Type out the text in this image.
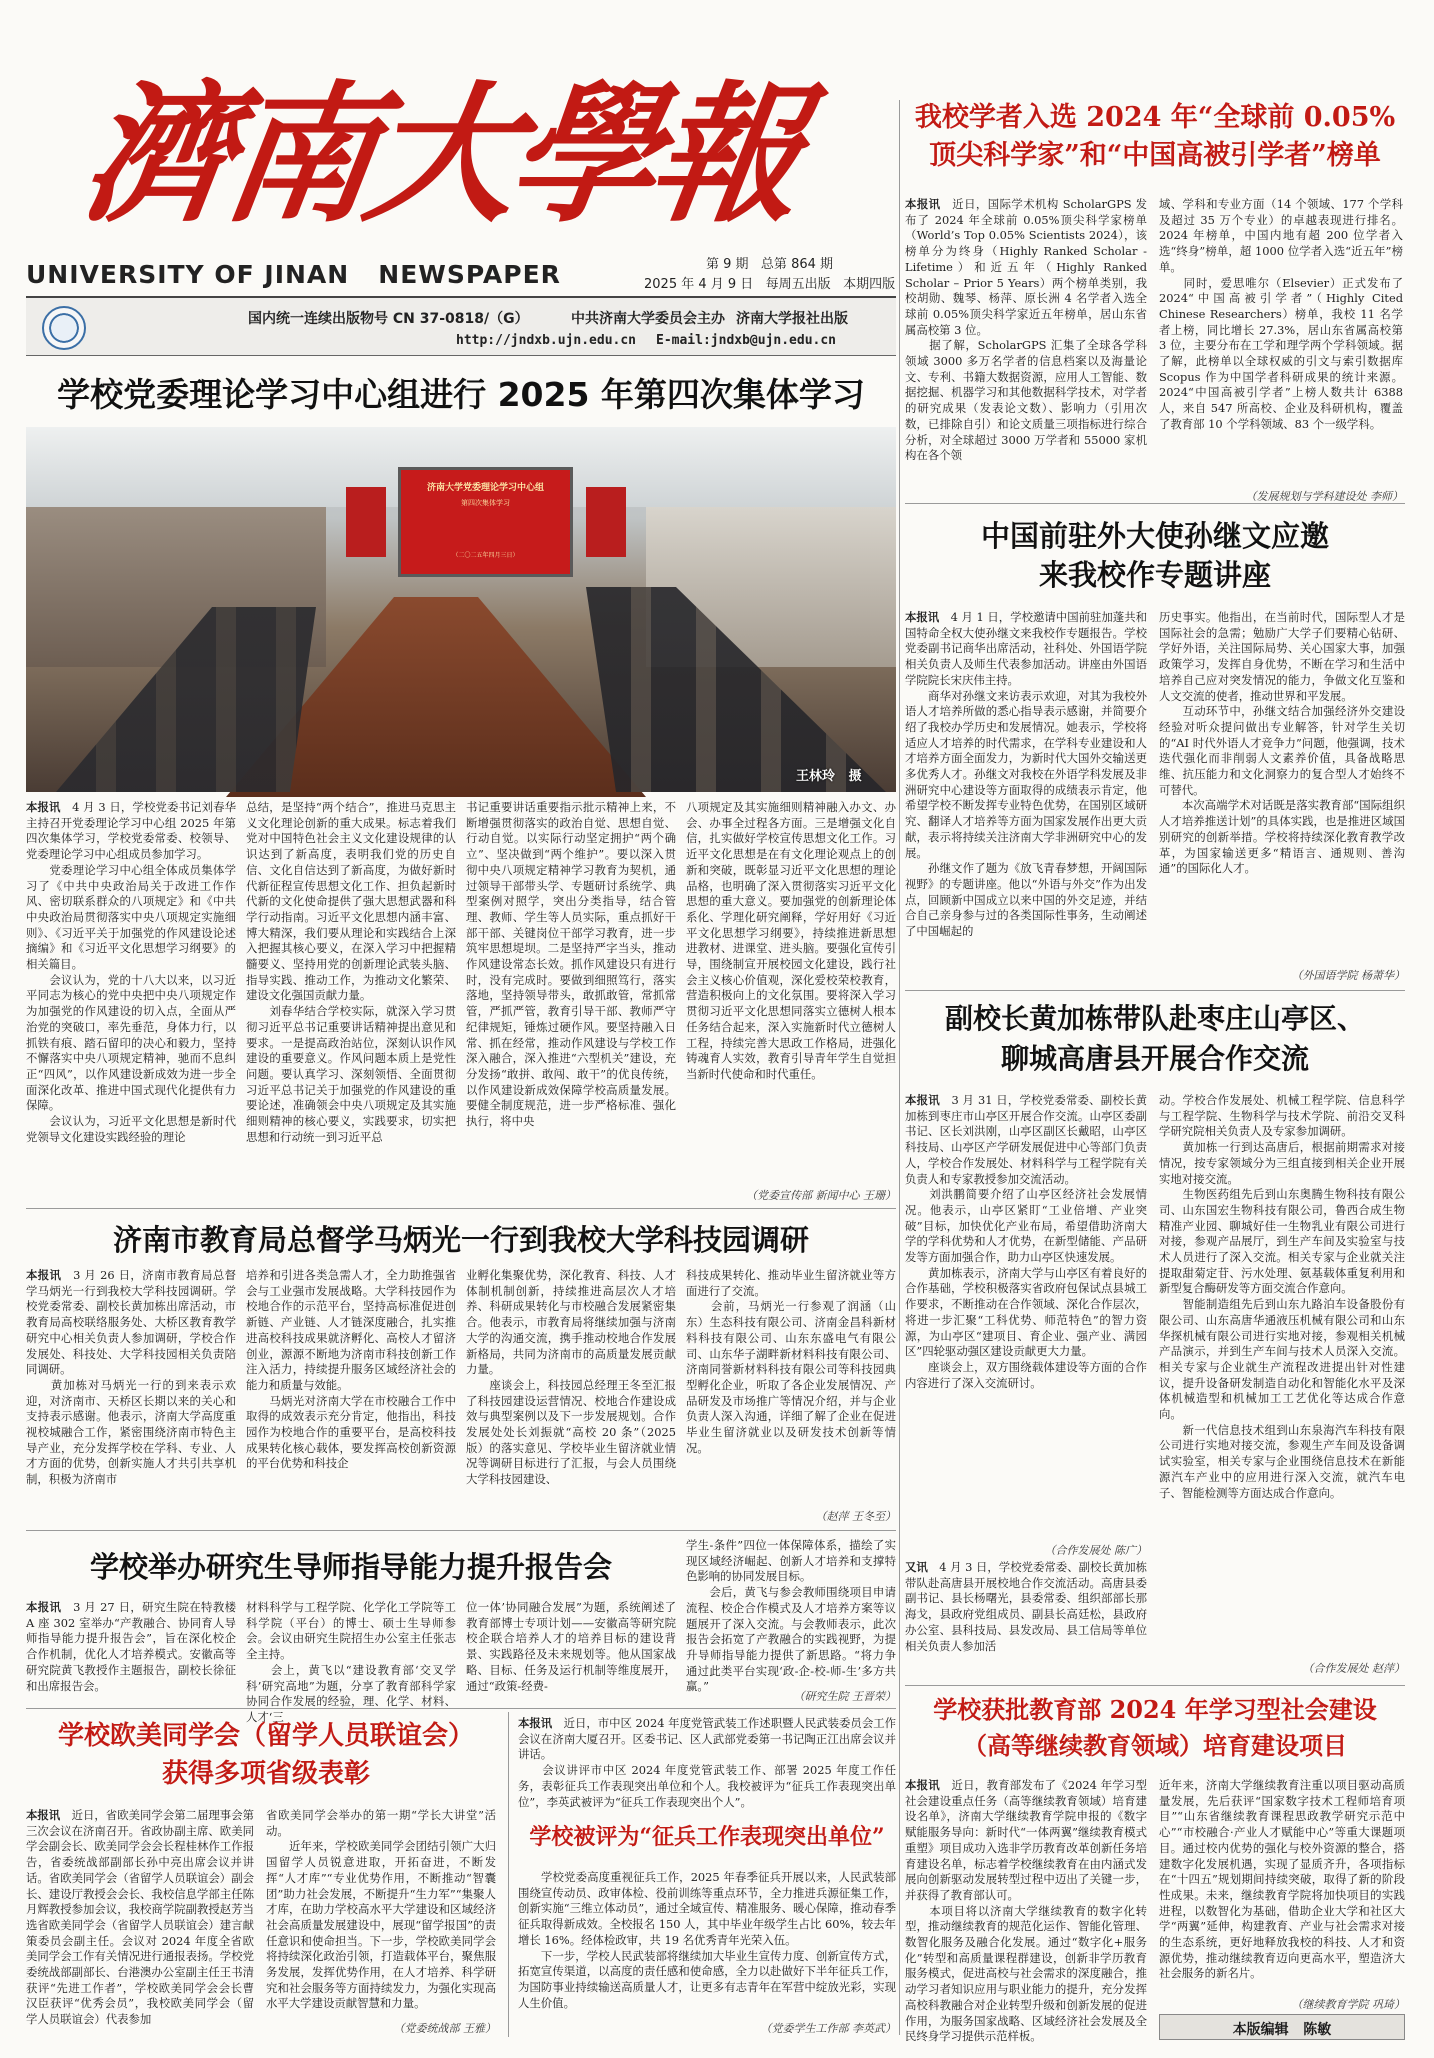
濟南大學報
UNIVERSITY OF JINAN   NEWSPAPER	第 9 期   总第 864 期
2025 年 4 月 9 日   每周五出版   本期四版
国内统一连续出版物号 CN 37-0818/（G）	中共济南大学委员会主办 济南大学报社出版
http://jndxb.ujn.edu.cn E-mail:jndxb@ujn.edu.cn
我校学者入选 2024 年“全球前 0.05%
顶尖科学家”和“中国高被引学者”榜单
本报讯　 近日，国际学术机构 ScholarGPS 发布了 2024 年全球前 0.05%顶尖科学家榜单（World’s Top 0.05% Scientists 2024），该榜单分为终身（Highly Ranked Scholar - Lifetime）和近五年（Highly Ranked Scholar – Prior 5 Years）两个榜单类别，我校胡勋、魏琴、杨萍、原长洲 4 名学者入选全球前 0.05%顶尖科学家近五年榜单，居山东省属高校第 3 位。
　　据了解，ScholarGPS 汇集了全球各学科领域 3000 多万名学者的信息档案以及海量论文、专利、书籍大数据资源，应用人工智能、数据挖掘、机器学习和其他数据科学技术，对学者的研究成果（发表论文数）、影响力（引用次数，已排除自引）和论文质量三项指标进行综合分析，对全球超过 3000 万学者和 55000 家机构在各个领
域、学科和专业方面（14 个领域、177 个学科及超过 35 万个专业）的卓越表现进行排名。2024 年榜单，中国内地有超 200 位学者入选“终身”榜单，超 1000 位学者入选“近五年”榜单。
　　同时，爱思唯尔（Elsevier）正式发布了 2024“中国高被引学者”（Highly Cited Chinese Researchers）榜单，我校 11 名学者上榜，同比增长 27.3%，居山东省属高校第 3 位，主要分布在工学和理学两个学科领域。据了解，此榜单以全球权威的引文与索引数据库 Scopus 作为中国学者科研成果的统计来源。2024“中国高被引学者”上榜人数共计 6388 人，来自 547 所高校、企业及科研机构，覆盖了教育部 10 个学科领域、83 个一级学科。
（发展规划与学科建设处 李师）
学校党委理论学习中心组进行 2025 年第四次集体学习
济南大学党委理论学习中心组
第四次集体学习
（二〇二五年四月三日）
王林玲   摄
中国前驻外大使孙继文应邀
来我校作专题讲座
本报讯　 4 月 1 日，学校邀请中国前驻加蓬共和国特命全权大使孙继文来我校作专题报告。学校党委副书记商华出席活动，社科处、外国语学院相关负责人及师生代表参加活动。讲座由外国语学院院长宋庆伟主持。
　　商华对孙继文来访表示欢迎，对其为我校外语人才培养所做的悉心指导表示感谢，并简要介绍了我校办学历史和发展情况。她表示，学校将适应人才培养的时代需求，在学科专业建设和人才培养方面全面发力，为新时代大国外交输送更多优秀人才。孙继文对我校在外语学科发展及非洲研究中心建设等方面取得的成绩表示肯定，他希望学校不断发挥专业特色优势，在国别区域研究、翻译人才培养等方面为国家发展作出更大贡献，表示将持续关注济南大学非洲研究中心的发展。
　　孙继文作了题为《放飞青春梦想，开阔国际视野》的专题讲座。他以“外语与外交”作为出发点，回顾新中国成立以来中国的外交足迹，并结合自己亲身参与过的各类国际性事务，生动阐述了中国崛起的
历史事实。他指出，在当前时代，国际型人才是国际社会的急需；勉励广大学子们要精心钻研、学好外语，关注国际局势、关心国家大事，加强政策学习，发挥自身优势，不断在学习和生活中培养自己应对突发情况的能力，争做文化互鉴和人文交流的使者，推动世界和平发展。
　　互动环节中，孙继文结合加强经济外交建设经验对听众提问做出专业解答，针对学生关切的“AI 时代外语人才竞争力”问题，他强调，技术迭代强化而非削弱人文素养价值，具备战略思维、抗压能力和文化洞察力的复合型人才始终不可替代。
　　本次高端学术对话既是落实教育部“国际组织人才培养推送计划”的具体实践，也是推进区域国别研究的创新举措。学校将持续深化教育教学改革，为国家输送更多“精语言、通规则、善沟通”的国际化人才。
（外国语学院 杨萧华）
副校长黄加栋带队赴枣庄山亭区、
聊城高唐县开展合作交流
本报讯　 3 月 31 日，学校党委常委、副校长黄加栋到枣庄市山亭区开展合作交流。山亭区委副书记、区长刘洪刚，山亭区副区长戴昭，山亭区科技局、山亭区产学研发展促进中心等部门负责人，学校合作发展处、材料科学与工程学院有关负责人和专家教授参加交流活动。
　　刘洪鹏简要介绍了山亭区经济社会发展情况。他表示，山亭区紧盯“工业倍增、产业突破”目标，加快优化产业布局，希望借助济南大学的学科优势和人才优势，在新型储能、产品研发等方面加强合作，助力山亭区快速发展。
　　黄加栋表示，济南大学与山亭区有着良好的合作基础，学校积极落实省政府包保试点县城工作要求，不断推动在合作领域、深化合作层次，将进一步汇聚“工科优势、师范特色”的智力资源，为山亭区“建项目、育企业、强产业、满园区”四轮驱动强区建设贡献更大力量。
　　座谈会上，双方围绕载体建设等方面的合作内容进行了深入交流研讨。
（合作发展处 陈广）
又讯　 4 月 3 日，学校党委常委、副校长黄加栋带队赴高唐县开展校地合作交流活动。高唐县委副书记、县长杨曙光，县委常委、组织部部长那海戈，县政府党组成员、副县长高廷松，县政府办公室、县科技局、县发改局、县工信局等单位相关负责人参加活
动。学校合作发展处、机械工程学院、信息科学与工程学院、生物科学与技术学院、前沿交叉科学研究院相关负责人及专家参加调研。
　　黄加栋一行到达高唐后，根据前期需求对接情况，按专家领域分为三组直接到相关企业开展实地对接交流。
　　生物医药组先后到山东奥腾生物科技有限公司、山东国宏生物科技有限公司，鲁西合成生物精准产业园、聊城好佳一生物乳业有限公司进行对接，参观产品展厅，到生产车间及实验室与技术人员进行了深入交流。相关专家与企业就关注提取甜菊定苷、污水处理、氨基载体重复利用和新型复合酶研发等方面交流合作意向。
　　智能制造组先后到山东九路泊车设备股份有限公司、山东高唐华通液压机械有限公司和山东华探机械有限公司进行实地对接，参观相关机械产品演示，并到生产车间与技术人员深入交流。相关专家与企业就生产流程改进提出针对性建议，提升设备研发制造自动化和智能化水平及深体机械造型和机械加工工艺优化等达成合作意向。
　　新一代信息技术组到山东泉海汽车科技有限公司进行实地对接交流，参观生产车间及设备调试实验室，相关专家与企业围绕信息技术在新能源汽车产业中的应用进行深入交流，就汽车电子、智能检测等方面达成合作意向。
（合作发展处 赵萍）
本报讯　 4 月 3 日，学校党委书记刘春华主持召开党委理论学习中心组 2025 年第四次集体学习，学校党委常委、校领导、党委理论学习中心组成员参加学习。
　　党委理论学习中心组全体成员集体学习了《中共中央政治局关于改进工作作风、密切联系群众的八项规定》和《中共中央政治局贯彻落实中央八项规定实施细则》、《习近平关于加强党的作风建设论述摘编》和《习近平文化思想学习纲要》的相关篇目。
　　会议认为，党的十八大以来，以习近平同志为核心的党中央把中央八项规定作为加强党的作风建设的切入点，全面从严治党的突破口，率先垂范，身体力行，以抓铁有痕、踏石留印的决心和毅力，坚持不懈落实中央八项规定精神，驰而不息纠正“四风”，以作风建设新成效为进一步全面深化改革、推进中国式现代化提供有力保障。
　　会议认为，习近平文化思想是新时代党领导文化建设实践经验的理论
总结，是坚持“两个结合”，推进马克思主义文化理论创新的重大成果。标志着我们党对中国特色社会主义文化建设规律的认识达到了新高度，表明我们党的历史自信、文化自信达到了新高度，为做好新时代新征程宣传思想文化工作、担负起新时代新的文化使命提供了强大思想武器和科学行动指南。习近平文化思想内涵丰富、博大精深，我们要从理论和实践结合上深入把握其核心要义，在深入学习中把握精髓要义、坚持用党的创新理论武装头脑、指导实践、推动工作，为推动文化繁荣、建设文化强国贡献力量。
　　刘春华结合学校实际，就深入学习贯彻习近平总书记重要讲话精神提出意见和要求。一是提高政治站位，深刻认识作风建设的重要意义。作风问题本质上是党性问题。要认真学习、深刻领悟、全面贯彻习近平总书记关于加强党的作风建设的重要论述，准确领会中央八项规定及其实施细则精神的核心要义，实践要求，切实把思想和行动统一到习近平总
书记重要讲话重要指示批示精神上来，不断增强贯彻落实的政治自觉、思想自觉、行动自觉。以实际行动坚定拥护“两个确立”、坚决做到“两个维护”。要以深入贯彻中央八项规定精神学习教育为契机，通过领导干部带头学、专题研讨系统学、典型案例对照学，突出分类指导，结合管理、教师、学生等人员实际，重点抓好干部干部、关键岗位干部学习教育，进一步筑牢思想堤坝。二是坚持严字当头，推动作风建设常态长效。抓作风建设只有进行时，没有完成时。要做到细照笃行，落实落地，坚持领导带头，敢抓敢管，常抓常管，严抓严管，教育引导干部、教师严守纪律规矩，锤炼过硬作风。要坚持融入日常、抓在经常，推动作风建设与学校工作深入融合，深入推进“六型机关”建设，充分发扬“敢拼、敢闯、敢干”的优良传统，以作风建设新成效保障学校高质量发展。要健全制度规范，进一步严格标准、强化执行，将中央
八项规定及其实施细则精神融入办文、办会、办事全过程各方面。三是增强文化自信，扎实做好学校宣传思想文化工作。习近平文化思想是在有文化理论观点上的创新和突破，既彰显习近平文化思想的理论品格，也明确了深入贯彻落实习近平文化思想的重大意义。要加强党的创新理论体系化、学理化研究阐释，学好用好《习近平文化思想学习纲要》，持续推进新思想进教材、进课堂、进头脑。要强化宣传引导，围绕制宣开展校园文化建设，践行社会主义核心价值观，深化爱校荣校教育，营造积极向上的文化氛围。要将深入学习贯彻习近平文化思想同落实立德树人根本任务结合起来，深入实施新时代立德树人工程，持续完善大思政工作格局，进强化铸魂育人实效，教育引导青年学生自觉担当新时代使命和时代重任。
（党委宣传部 新闻中心 王珊）
济南市教育局总督学马炳光一行到我校大学科技园调研
本报讯　 3 月 26 日，济南市教育局总督学马炳光一行到我校大学科技园调研。学校党委常委、副校长黄加栋出席活动，市教育局高校联络服务处、大桥区教育教学研究中心相关负责人参加调研，学校合作发展处、科技处、大学科技园相关负责陪同调研。
　　黄加栋对马炳光一行的到来表示欢迎，对济南市、天桥区长期以来的关心和支持表示感谢。他表示，济南大学高度重视校城融合工作，紧密围绕济南市特色主导产业，充分发挥学校在学科、专业、人才方面的优势，创新实施人才共引共享机制，积极为济南市
培养和引进各类急需人才，全力助推强省会与工业强市发展战略。大学科技园作为校地合作的示范平台，坚持高标准促进创新链、产业链、人才链深度融合，扎实推进高校科技成果就济孵化、高校人才留济创业，源源不断地为济南市科技创新工作注入活力，持续提升服务区域经济社会的能力和质量与效能。
　　马炳光对济南大学在市校融合工作中取得的成效表示充分肯定，他指出，科技园作为校地合作的重要平台，是高校科技成果转化核心载体，要发挥高校创新资源的平台优势和科技企
业孵化集聚优势，深化教育、科技、人才体制机制创新，持续推进高层次人才培养、科研成果转化与市校融合发展紧密集合。他表示，市教育局将继续加强与济南大学的沟通交流，携手推动校地合作发展新格局，共同为济南市的高质量发展贡献力量。
　　座谈会上，科技园总经理王冬至汇报了科技园建设运营情况、校地合作建设成效与典型案例以及下一步发展规划。合作发展处处长刘振就“高校 20 条”（2025 版）的落实意见、学校毕业生留济就业情况等调研目标进行了汇报，与会人员围绕大学科技园建设、
科技成果转化、推动毕业生留济就业等方面进行了交流。
　　会前，马炳光一行参观了润涵（山东）生态科技有限公司、济南金昌科新材料科技有限公司、山东东盛电气有限公司、山东华子湖畔新材料科技有限公司、济南同誉新材料科技有限公司等科技园典型孵化企业，听取了各企业发展情况、产品研发及市场推广等情况介绍，并与企业负责人深入沟通，详细了解了企业在促进毕业生留济就业以及研发技术创新等情况。
（赵萍 王冬至）
学校举办研究生导师指导能力提升报告会
本报讯　 3 月 27 日，研究生院在特教楼 A 座 302 室举办“产教融合、协同育人导师指导能力提升报告会”，旨在深化校企合作机制，优化人才培养模式。安徽高等研究院黄飞教授作主题报告，副校长徐征和出席报告会。
材料科学与工程学院、化学化工学院等工科学院（平台）的博士、硕士生导师参会。会议由研究生院招生办公室主任张志全主持。
　　会上，黄飞以“建设教育部‘交叉学科’研究高地”为题，分享了教育部科学家协同合作发展的经验，理、化学、材料、人才‘三
位一体’协同融合发展”为题，系统阐述了教育部博士专项计划——安徽高等研究院校企联合培养人才的培养目标的建设背景、实践路径及未来规划等。他从国家战略、目标、任务及运行机制等维度展开，通过“政策-经费-
学生-条件”四位一体保障体系，描绘了实现区域经济崛起、创新人才培养和支撑特色影响的协同发展目标。
　　会后，黄飞与参会教师围绕项目申请流程、校企合作模式及人才培养方案等议题展开了深入交流。与会教师表示，此次报告会拓宽了产教融合的实践视野，为提升导师指导能力提供了新思路。“将力争通过此类平台实现‘政-企-校-师-生’多方共赢。”
（研究生院 王晋荣）
学校欧美同学会（留学人员联谊会）
获得多项省级表彰
本报讯　 近日，省欧美同学会第二届理事会第三次会议在济南召开。省政协副主席、欧美同学会副会长、欧美同学会会长程桂林作工作报告，省委统战部副部长孙中亮出席会议并讲话。省欧美同学会（省留学人员联谊会）副会长、建设厅教授会会长、我校信息学部主任陈月辉教授参加会议，我校商学院副教授赵芳当选省欧美同学会（省留学人员联谊会）建言献策委员会副主任。会议对 2024 年度全省欧美同学会工作有关情况进行通报表扬。学校党委统战部副部长、台港澳办公室副主任王书清获评“先进工作者”，学校欧美同学会会长曹汉臣获评“优秀会员”，我校欧美同学会（留学人员联谊会）代表参加
省欧美同学会举办的第一期“学长大讲堂”活动。
　　近年来，学校欧美同学会团结引领广大归国留学人员锐意进取，开拓奋进，不断发挥“人才库”“专业优势作用，不断推动“智囊团”助力社会发展，不断提升“生力军”“集聚人才库，在助力学校高水平大学建设和区域经济社会高质量发展建设中，展现“留学报国”的责任意识和使命担当。下一步，学校欧美同学会将持续深化政治引领，打造载体平台，聚焦服务发展，发挥优势作用，在人才培养、科学研究和社会服务等方面持续发力，为强化实现高水平大学建设贡献智慧和力量。
（党委统战部 王雅）
本报讯　 近日，市中区 2024 年度党管武装工作述职暨人民武装委员会工作会议在济南大厦召开。区委书记、区人武部党委第一书记陶正江出席会议并讲话。
　　会议讲评市中区 2024 年度党管武装工作、部署 2025 年度工作任务，表彰征兵工作表现突出单位和个人。我校被评为“征兵工作表现突出单位”，李英武被评为“征兵工作表现突出个人”。
学校被评为“征兵工作表现突出单位”
　　学校党委高度重视征兵工作，2025 年春季征兵开展以来，人民武装部围绕宣传动员、政审体检、役前训练等重点环节，全力推进兵源征集工作，创新实施“三维立体动员”，通过全域宣传、精准服务、暖心保障，推动春季征兵取得新成效。全校报名 150 人，其中毕业年级学生占比 60%，较去年增长 16%。经体检政审，共 19 名优秀青年光荣入伍。
　　下一步，学校人民武装部将继续加大毕业生宣传力度、创新宣传方式，拓宽宣传渠道，以高度的责任感和使命感，全力以赴做好下半年征兵工作，为国防事业持续输送高质量人才，让更多有志青年在军营中绽放光彩，实现人生价值。
（党委学生工作部 李英武）
学校获批教育部 2024 年学习型社会建设
（高等继续教育领域）培育建设项目
本报讯　 近日，教育部发布了《2024 年学习型社会建设重点任务（高等继续教育领域）培育建设名单》，济南大学继续教育学院申报的《数字赋能服务导向：新时代“一体两翼”继续教育模式重塑》项目成功入选非学历教育改革创新任务培育建设名单，标志着学校继续教育在由内涵式发展向创新驱动发展转型过程中迈出了关键一步，并获得了教育部认可。
　　本项目将以济南大学继续教育的数字化转型，推动继续教育的规范化运作、智能化管理、数智化服务及融合化发展。通过“数字化+服务化”转型和高质量课程群建设，创新非学历教育服务模式，促进高校与社会需求的深度融合，推动学习者知识应用与职业能力的提升，充分发挥高校科教融合对企业转型升级和创新发展的促进作用，为服务国家战略、区域经济社会发展及全民终身学习提供示范样板。
近年来，济南大学继续教育注重以项目驱动高质量发展，先后获评“国家数字技术工程师培育项目”“山东省继续教育课程思政教学研究示范中心”“市校融合·产业人才赋能中心”等重大课题项目。通过校内优势的强化与校外资源的整合，搭建数字化发展机遇，实现了显质齐升，各项指标在“十四五”规划期间持续突破，取得了新的阶段性成果。未来，继续教育学院将加快项目的实践进程，以数智化为基础，借助企业大学和社区大学“两翼”延伸，构建教育、产业与社会需求对接的生态系统，更好地释放我校的科技、人才和资源优势，推动继续教育迈向更高水平，塑造济大社会服务的新名片。
（继续教育学院 巩琦）
本版编辑   陈敏
